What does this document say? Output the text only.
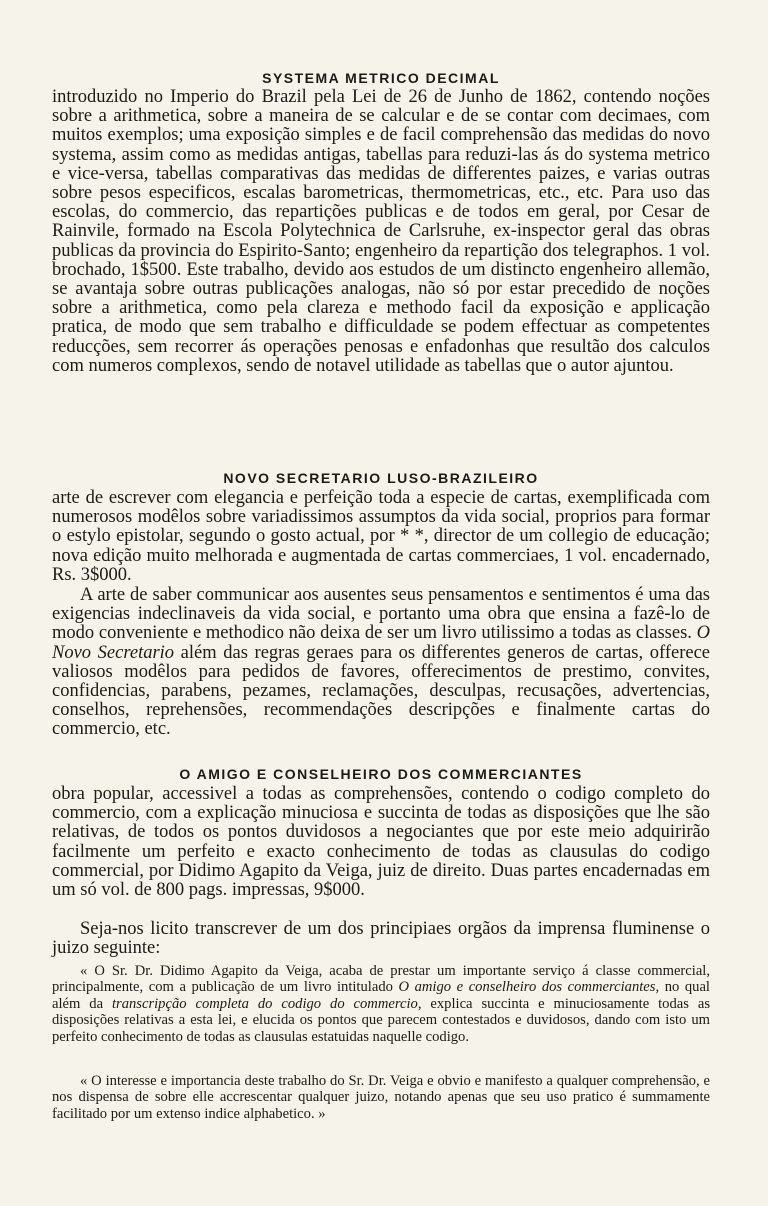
SYSTEMA METRICO DECIMAL
introduzido no Imperio do Brazil pela Lei de 26 de Junho de 1862, contendo noções sobre a arithmetica, sobre a maneira de se calcular e de se contar com decimaes, com muitos exemplos; uma exposição simples e de facil comprehensão das medidas do novo systema, assim como as medidas antigas, tabellas para reduzi-las ás do systema metrico e vice-versa, tabellas comparativas das medidas de differentes paizes, e varias outras sobre pesos especificos, escalas barometricas, thermometricas, etc., etc. Para uso das escolas, do commercio, das repartições publicas e de todos em geral, por Cesar de Rainvile, formado na Escola Polytechnica de Carlsruhe, ex-inspector geral das obras publicas da provincia do Espirito-Santo; engenheiro da repartição dos telegraphos. 1 vol. brochado, 1$500. Este trabalho, devido aos estudos de um distincto engenheiro allemão, se avantaja sobre outras publicações analogas, não só por estar precedido de noções sobre a arithmetica, como pela clareza e methodo facil da exposição e applicação pratica, de modo que sem trabalho e difficuldade se podem effectuar as competentes reducções, sem recorrer ás operações penosas e enfadonhas que resultão dos calculos com numeros complexos, sendo de notavel utilidade as tabellas que o autor ajuntou.
NOVO SECRETARIO LUSO-BRAZILEIRO
arte de escrever com elegancia e perfeição toda a especie de cartas, exemplificada com numerosos modêlos sobre variadissimos assumptos da vida social, proprios para formar o estylo epistolar, segundo o gosto actual, por * *, director de um collegio de educação; nova edição muito melhorada e augmentada de cartas commerciaes, 1 vol. encadernado, Rs. 3$000.
A arte de saber communicar aos ausentes seus pensamentos e sentimentos é uma das exigencias indeclinaveis da vida social, e portanto uma obra que ensina a fazê-lo de modo conveniente e methodico não deixa de ser um livro utilissimo a todas as classes. O Novo Secretario além das regras geraes para os differentes generos de cartas, offerece valiosos modêlos para pedidos de favores, offerecimentos de prestimo, convites, confidencias, parabens, pezames, reclamações, desculpas, recusações, advertencias, conselhos, reprehensões, recommendações descripções e finalmente cartas do commercio, etc.
O AMIGO E CONSELHEIRO DOS COMMERCIANTES
obra popular, accessivel a todas as comprehensões, contendo o codigo completo do commercio, com a explicação minuciosa e succinta de todas as disposições que lhe são relativas, de todos os pontos duvidosos a negociantes que por este meio adquirirão facilmente um perfeito e exacto conhecimento de todas as clausulas do codigo commercial, por Didimo Agapito da Veiga, juiz de direito. Duas partes encadernadas em um só vol. de 800 pags. impressas, 9$000.
Seja-nos licito transcrever de um dos principiaes orgãos da imprensa fluminense o juizo seguinte:
« O Sr. Dr. Didimo Agapito da Veiga, acaba de prestar um importante serviço á classe commercial, principalmente, com a publicação de um livro intitulado O amigo e conselheiro dos commerciantes, no qual além da transcripção completa do codigo do commercio, explica succinta e minuciosamente todas as disposições relativas a esta lei, e elucida os pontos que parecem contestados e duvidosos, dando com isto um perfeito conhecimento de todas as clausulas estatuidas naquelle codigo.
« O interesse e importancia deste trabalho do Sr. Dr. Veiga e obvio e manifesto a qualquer comprehensão, e nos dispensa de sobre elle accrescentar qualquer juizo, notando apenas que seu uso pratico é summamente facilitado por um extenso indice alphabetico. »
